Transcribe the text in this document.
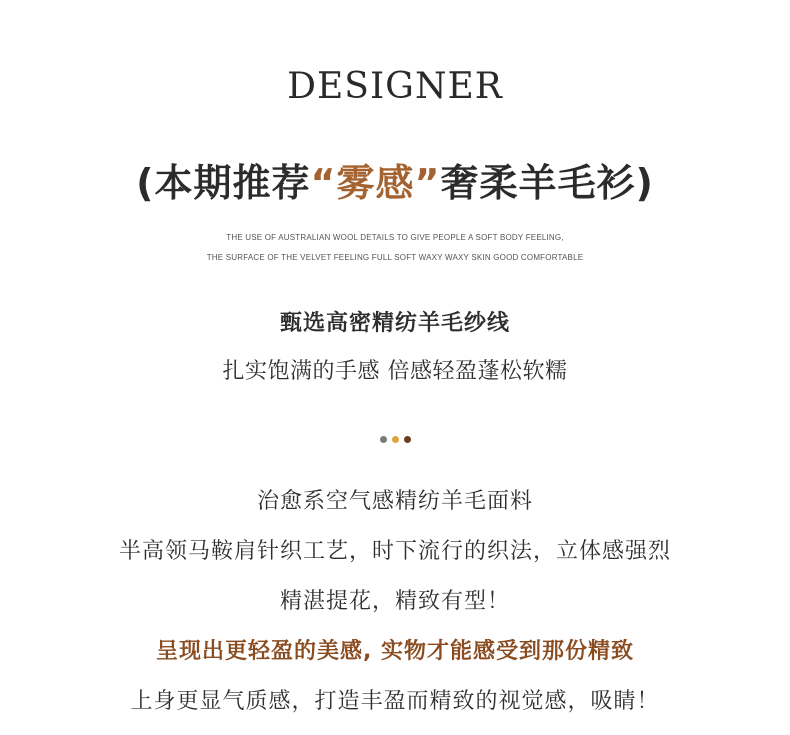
DESIGNER
(本期推荐“雾感”奢柔羊毛衫)
THE USE OF AUSTRALIAN WOOL DETAILS TO GIVE PEOPLE A SOFT BODY FEELING,
THE SURFACE OF THE VELVET FEELING FULL SOFT WAXY WAXY SKIN GOOD COMFORTABLE
甄选高密精纺羊毛纱线
扎实饱满的手感 倍感轻盈蓬松软糯
治愈系空气感精纺羊毛面料
半高领马鞍肩针织工艺，时下流行的织法，立体感强烈
精湛提花，精致有型！
呈现出更轻盈的美感, 实物才能感受到那份精致
上身更显气质感，打造丰盈而精致的视觉感，吸睛！
